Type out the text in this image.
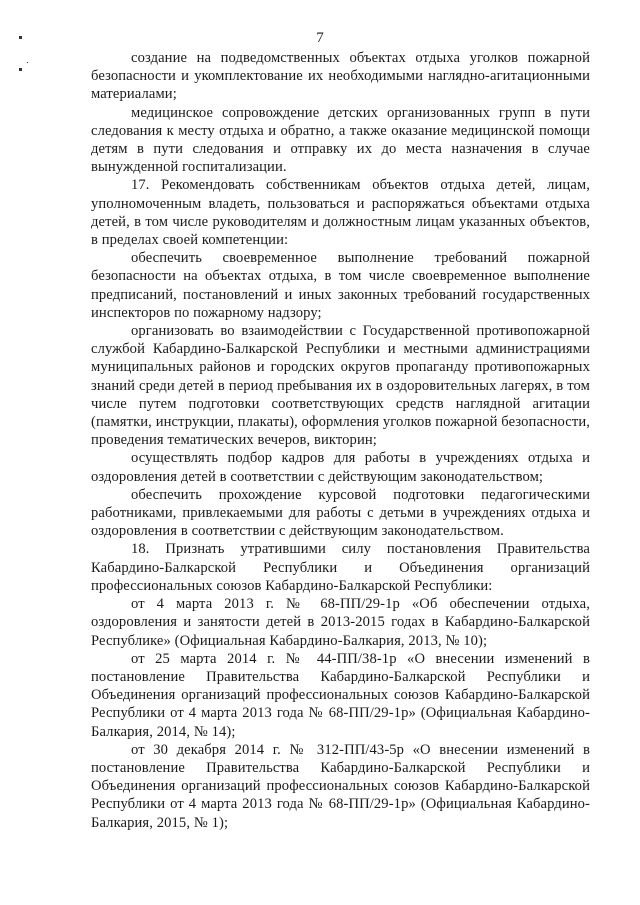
7

создание на подведомственных объектах отдыха уголков пожарной безопасности и укомплектование их необходимыми наглядно-агитационными материалами;

медицинское сопровождение детских организованных групп в пути следования к месту отдыха и обратно, а также оказание медицинской помощи детям в пути следования и отправку их до места назначения в случае вынужденной госпитализации.

17. Рекомендовать собственникам объектов отдыха детей, лицам, уполномоченным владеть, пользоваться и распоряжаться объектами отдыха детей, в том числе руководителям и должностным лицам указанных объектов, в пределах своей компетенции:

обеспечить своевременное выполнение требований пожарной безопасности на объектах отдыха, в том числе своевременное выполнение предписаний, постановлений и иных законных требований государственных инспекторов по пожарному надзору;

организовать во взаимодействии с Государственной противопожарной службой Кабардино-Балкарской Республики и местными администрациями муниципальных районов и городских округов пропаганду противопожарных знаний среди детей в период пребывания их в оздоровительных лагерях, в том числе путем подготовки соответствующих средств наглядной агитации (памятки, инструкции, плакаты), оформления уголков пожарной безопасности, проведения тематических вечеров, викторин;

осуществлять подбор кадров для работы в учреждениях отдыха и оздоровления детей в соответствии с действующим законодательством;

обеспечить прохождение курсовой подготовки педагогическими работниками, привлекаемыми для работы с детьми в учреждениях отдыха и оздоровления в соответствии с действующим законодательством.

18. Признать утратившими силу постановления Правительства Кабардино-Балкарской Республики и Объединения организаций профессиональных союзов Кабардино-Балкарской Республики:

от 4 марта 2013 г. № 68-ПП/29-1р «Об обеспечении отдыха, оздоровления и занятости детей в 2013-2015 годах в Кабардино-Балкарской Республике» (Официальная Кабардино-Балкария, 2013, № 10);

от 25 марта 2014 г. № 44-ПП/38-1р «О внесении изменений в постановление Правительства Кабардино-Балкарской Республики и Объединения организаций профессиональных союзов Кабардино-Балкарской Республики от 4 марта 2013 года № 68-ПП/29-1р» (Официальная Кабардино-Балкария, 2014, № 14);

от 30 декабря 2014 г. № 312-ПП/43-5р «О внесении изменений в постановление Правительства Кабардино-Балкарской Республики и Объединения организаций профессиональных союзов Кабардино-Балкарской Республики от 4 марта 2013 года № 68-ПП/29-1р» (Официальная Кабардино-Балкария, 2015, № 1);
